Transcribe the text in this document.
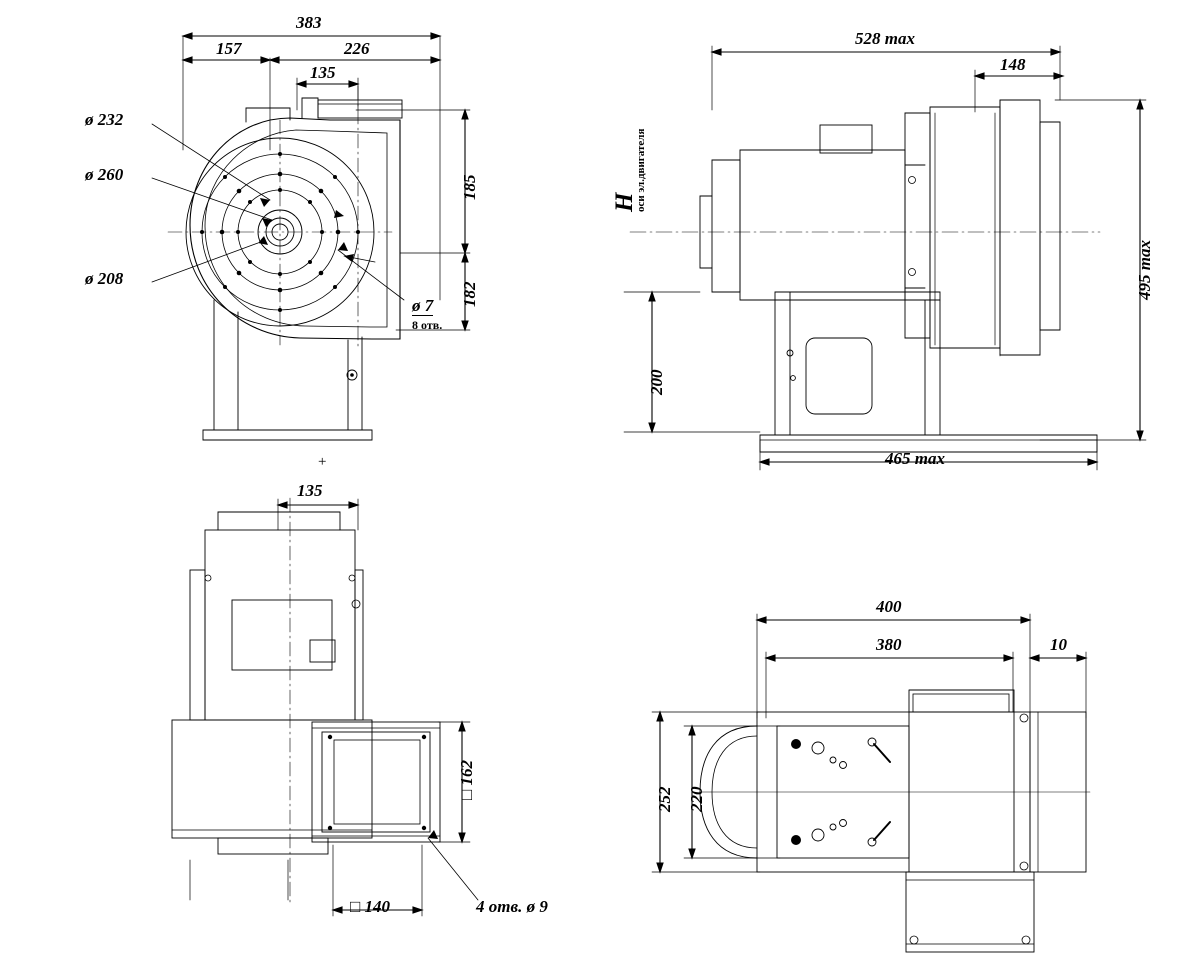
383
157	226
135
185
182
ø 232
ø 260
ø 208
ø 7
8 отв.
+
528 max
148
495 max
200
465 max
H
оси эл.двигателя
135
□ 162
□ 140	4 отв. ø 9
400
380	10
252 220
